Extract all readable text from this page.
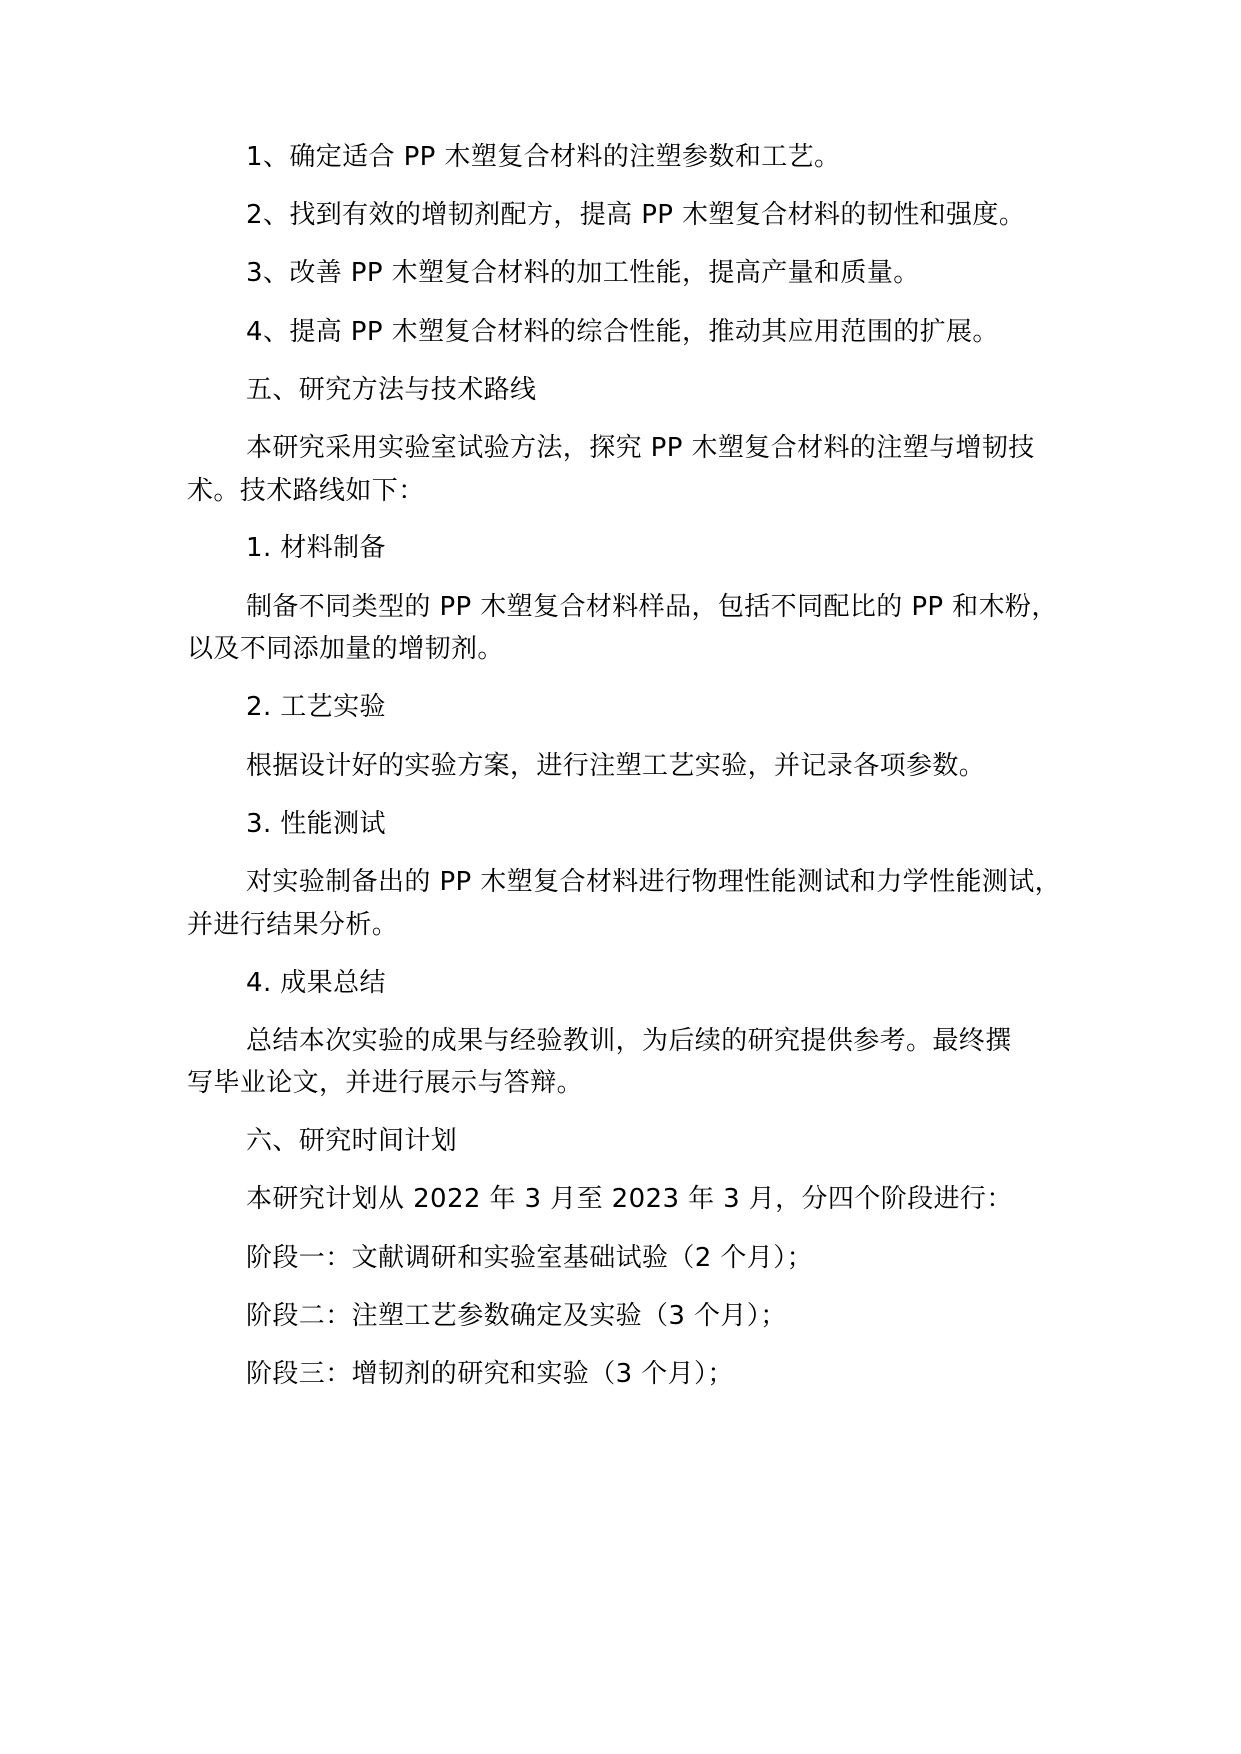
1、确定适合 PP 木塑复合材料的注塑参数和工艺。
2、找到有效的增韧剂配方，提高 PP 木塑复合材料的韧性和强度。
3、改善 PP 木塑复合材料的加工性能，提高产量和质量。
4、提高 PP 木塑复合材料的综合性能，推动其应用范围的扩展。
五、研究方法与技术路线
本研究采用实验室试验方法，探究 PP 木塑复合材料的注塑与增韧技
术。技术路线如下：
1. 材料制备
制备不同类型的 PP 木塑复合材料样品，包括不同配比的 PP 和木粉，
以及不同添加量的增韧剂。
2. 工艺实验
根据设计好的实验方案，进行注塑工艺实验，并记录各项参数。
3. 性能测试
对实验制备出的 PP 木塑复合材料进行物理性能测试和力学性能测试，
并进行结果分析。
4. 成果总结
总结本次实验的成果与经验教训，为后续的研究提供参考。最终撰
写毕业论文，并进行展示与答辩。
六、研究时间计划
本研究计划从 2022 年 3 月至 2023 年 3 月，分四个阶段进行：
阶段一：文献调研和实验室基础试验（2 个月）；
阶段二：注塑工艺参数确定及实验（3 个月）；
阶段三：增韧剂的研究和实验（3 个月）；
